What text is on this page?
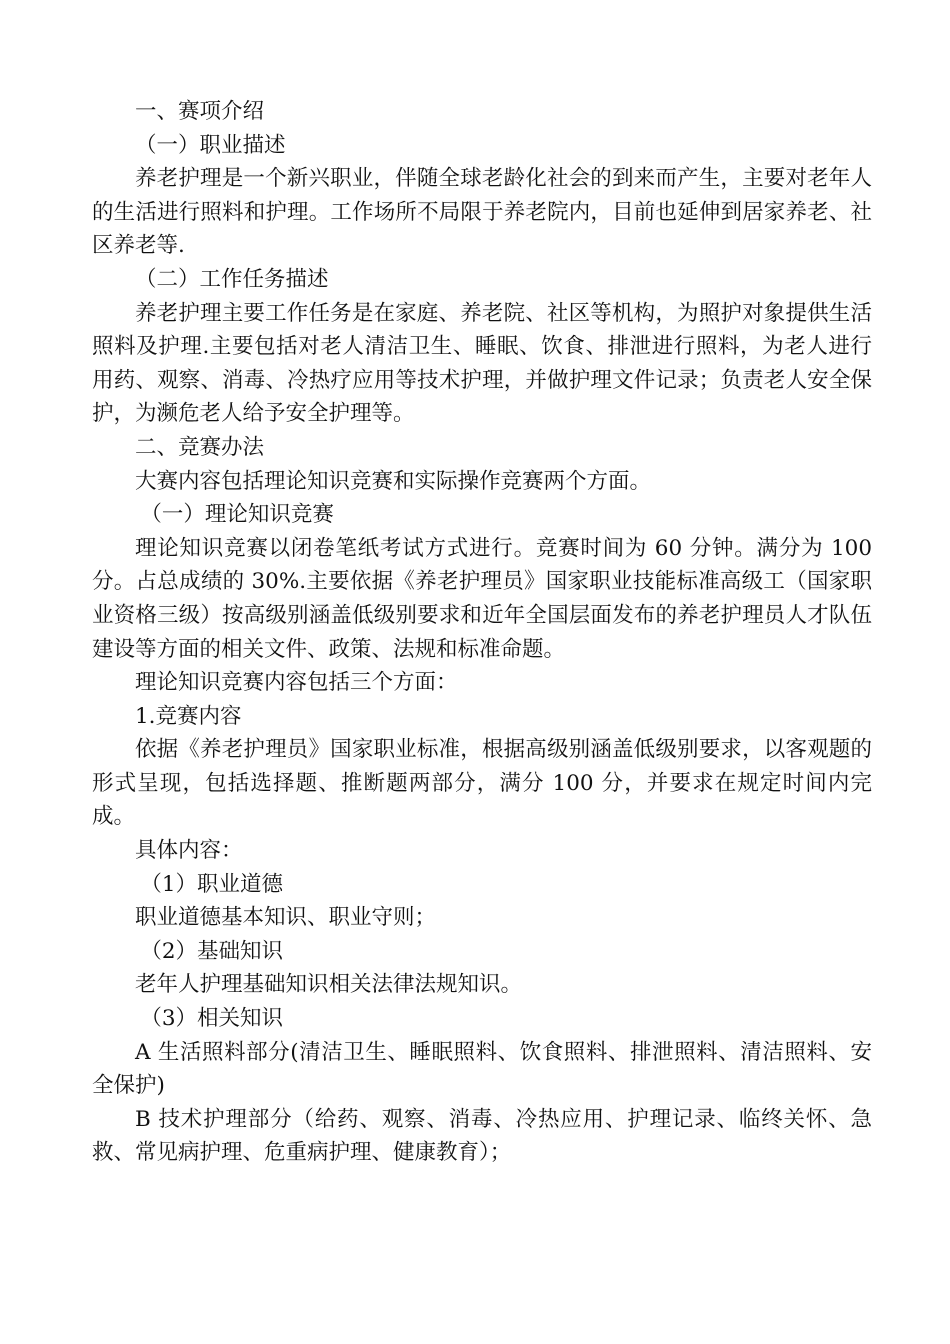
一、赛项介绍

（一）职业描述

养老护理是一个新兴职业，伴随全球老龄化社会的到来而产生，主要对老年人的生活进行照料和护理。工作场所不局限于养老院内，目前也延伸到居家养老、社区养老等.

（二）工作任务描述

养老护理主要工作任务是在家庭、养老院、社区等机构，为照护对象提供生活照料及护理.主要包括对老人清洁卫生、睡眠、饮食、排泄进行照料，为老人进行用药、观察、消毒、冷热疗应用等技术护理，并做护理文件记录；负责老人安全保护，为濒危老人给予安全护理等。

二、竞赛办法

大赛内容包括理论知识竞赛和实际操作竞赛两个方面。

（一）理论知识竞赛

理论知识竞赛以闭卷笔纸考试方式进行。竞赛时间为 60 分钟。满分为 100 分。占总成绩的 30%.主要依据《养老护理员》国家职业技能标准高级工（国家职业资格三级）按高级别涵盖低级别要求和近年全国层面发布的养老护理员人才队伍建设等方面的相关文件、政策、法规和标准命题。

理论知识竞赛内容包括三个方面：

1.竞赛内容

依据《养老护理员》国家职业标准，根据高级别涵盖低级别要求，以客观题的形式呈现，包括选择题、推断题两部分，满分 100 分，并要求在规定时间内完成。

具体内容：

（1）职业道德

职业道德基本知识、职业守则；

（2）基础知识

老年人护理基础知识相关法律法规知识。

（3）相关知识

A 生活照料部分(清洁卫生、睡眠照料、饮食照料、排泄照料、清洁照料、安全保护)

B 技术护理部分（给药、观察、消毒、冷热应用、护理记录、临终关怀、急救、常见病护理、危重病护理、健康教育）；
